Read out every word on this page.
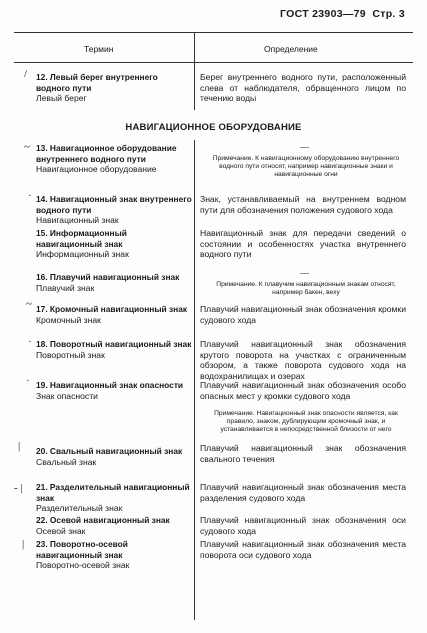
ГОСТ 23903—79 Стр. 3
Термин	Определение
НАВИГАЦИОННОЕ ОБОРУДОВАНИЕ
/
~
·
~
·
·
|
- |
|
12. Левый берег внутреннего водного пути
Левый берег
Берег внутреннего водного пути, расположенный слева от наблюдателя, обращенного лицом по течению воды
13. Навигационное оборудование внутреннего водного пути
Навигационное оборудование
—
Примечание. К навигационному оборудованию внутреннего водного пути относят, например навигационные знаки и навигационные огни
14. Навигационный знак внутреннего водного пути
Навигационный знак
Знак, устанавливаемый на внутреннем водном пути для обозначения положения судового хода
15. Информационный навигационный знак
Информационный знак
Навигационный знак для передачи сведений о состоянии и особенностях участка внутреннего водного пути
16. Плавучий навигационный знак
Плавучий знак
—
Примечание. К плавучим навигационным знакам относят, например бакен, веху
17. Кромочный навигационный знак
Кромочный знак
Плавучий навигационный знак обозначения кромки судового хода
18. Поворотный навигационный знак
Поворотный знак
Плавучий навигационный знак обозначения крутого поворота на участках с ограниченным обзором, а также поворота судового хода на водохранилищах и озерах
19. Навигационный знак опасности
Знак опасности
Плавучий навигационный знак обозначения особо опасных мест у кромки судового хода
Примечание. Навигационный знак опасности является, как правило, знаком, дублирующим кромочный знак, и устанавливается в непосредственной близости от него
20. Свальный навигационный знак
Свальный знак
Плавучий навигационный знак обозначения свального течения
21. Разделительный навигационный знак
Разделительный знак
Плавучий навигационный знак обозначения места разделения судового хода
22. Осевой навигационный знак
Осевой знак
Плавучий навигационный знак обозначения оси судового хода
23. Поворотно-осевой навигационный знак
Поворотно-осевой знак
Плавучий навигационный знак обозначения места поворота оси судового хода
